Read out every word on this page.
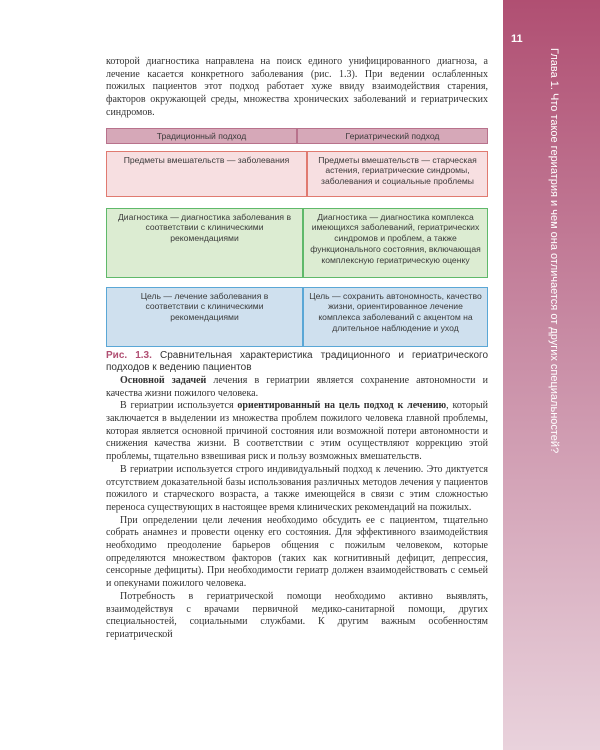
11
Глава 1. Что такое гериатрия и чем она отличается от других специальностей?

которой диагностика направлена на поиск единого унифицированного диагноза, а лечение касается конкретного заболевания (рис. 1.3). При ведении ослабленных пожилых пациентов этот подход работает хуже ввиду взаимодействия старения, факторов окружающей среды, множества хронических заболеваний и гериатрических синдромов.

Традиционный подход	Гериатрический подход
Предметы вмешательств — заболевания	Предметы вмешательств — старческая астения, гериатрические синдромы, заболевания и социальные проблемы
Диагностика — диагностика заболевания в соответствии с клиническими рекомендациями
Диагностика — диагностика комплекса имеющихся заболеваний, гериатрических синдромов и проблем, а также функционального состояния, включающая комплексную гериатрическую оценку
Цель — лечение заболевания в соответствии с клиническими рекомендациями
Цель — сохранить автономность, качество жизни, ориентированное лечение комплекса заболеваний с акцентом на длительное наблюдение и уход

Рис. 1.3. Сравнительная характеристика традиционного и гериатрического подходов к ведению пациентов

Основной задачей лечения в гериатрии является сохранение автономности и качества жизни пожилого человека.

В гериатрии используется ориентированный на цель подход к лечению, который заключается в выделении из множества проблем пожилого человека главной проблемы, которая является основной причиной состояния или возможной потери автономности и снижения качества жизни. В соответствии с этим осуществляют коррекцию этой проблемы, тщательно взвешивая риск и пользу возможных вмешательств.

В гериатрии используется строго индивидуальный подход к лечению. Это диктуется отсутствием доказательной базы использования различных методов лечения у пациентов пожилого и старческого возраста, а также имеющейся в связи с этим сложностью переноса существующих в настоящее время клинических рекомендаций на пожилых.

При определении цели лечения необходимо обсудить ее с пациентом, тщательно собрать анамнез и провести оценку его состояния. Для эффективного взаимодействия необходимо преодоление барьеров общения с пожилым человеком, которые определяются множеством факторов (таких как когнитивный дефицит, депрессия, сенсорные дефициты). При необходимости гериатр должен взаимодействовать с семьей и опекунами пожилого человека.

Потребность в гериатрической помощи необходимо активно выявлять, взаимодействуя с врачами первичной медико-санитарной помощи, других специальностей, социальными службами. К другим важным особенностям гериатрической
